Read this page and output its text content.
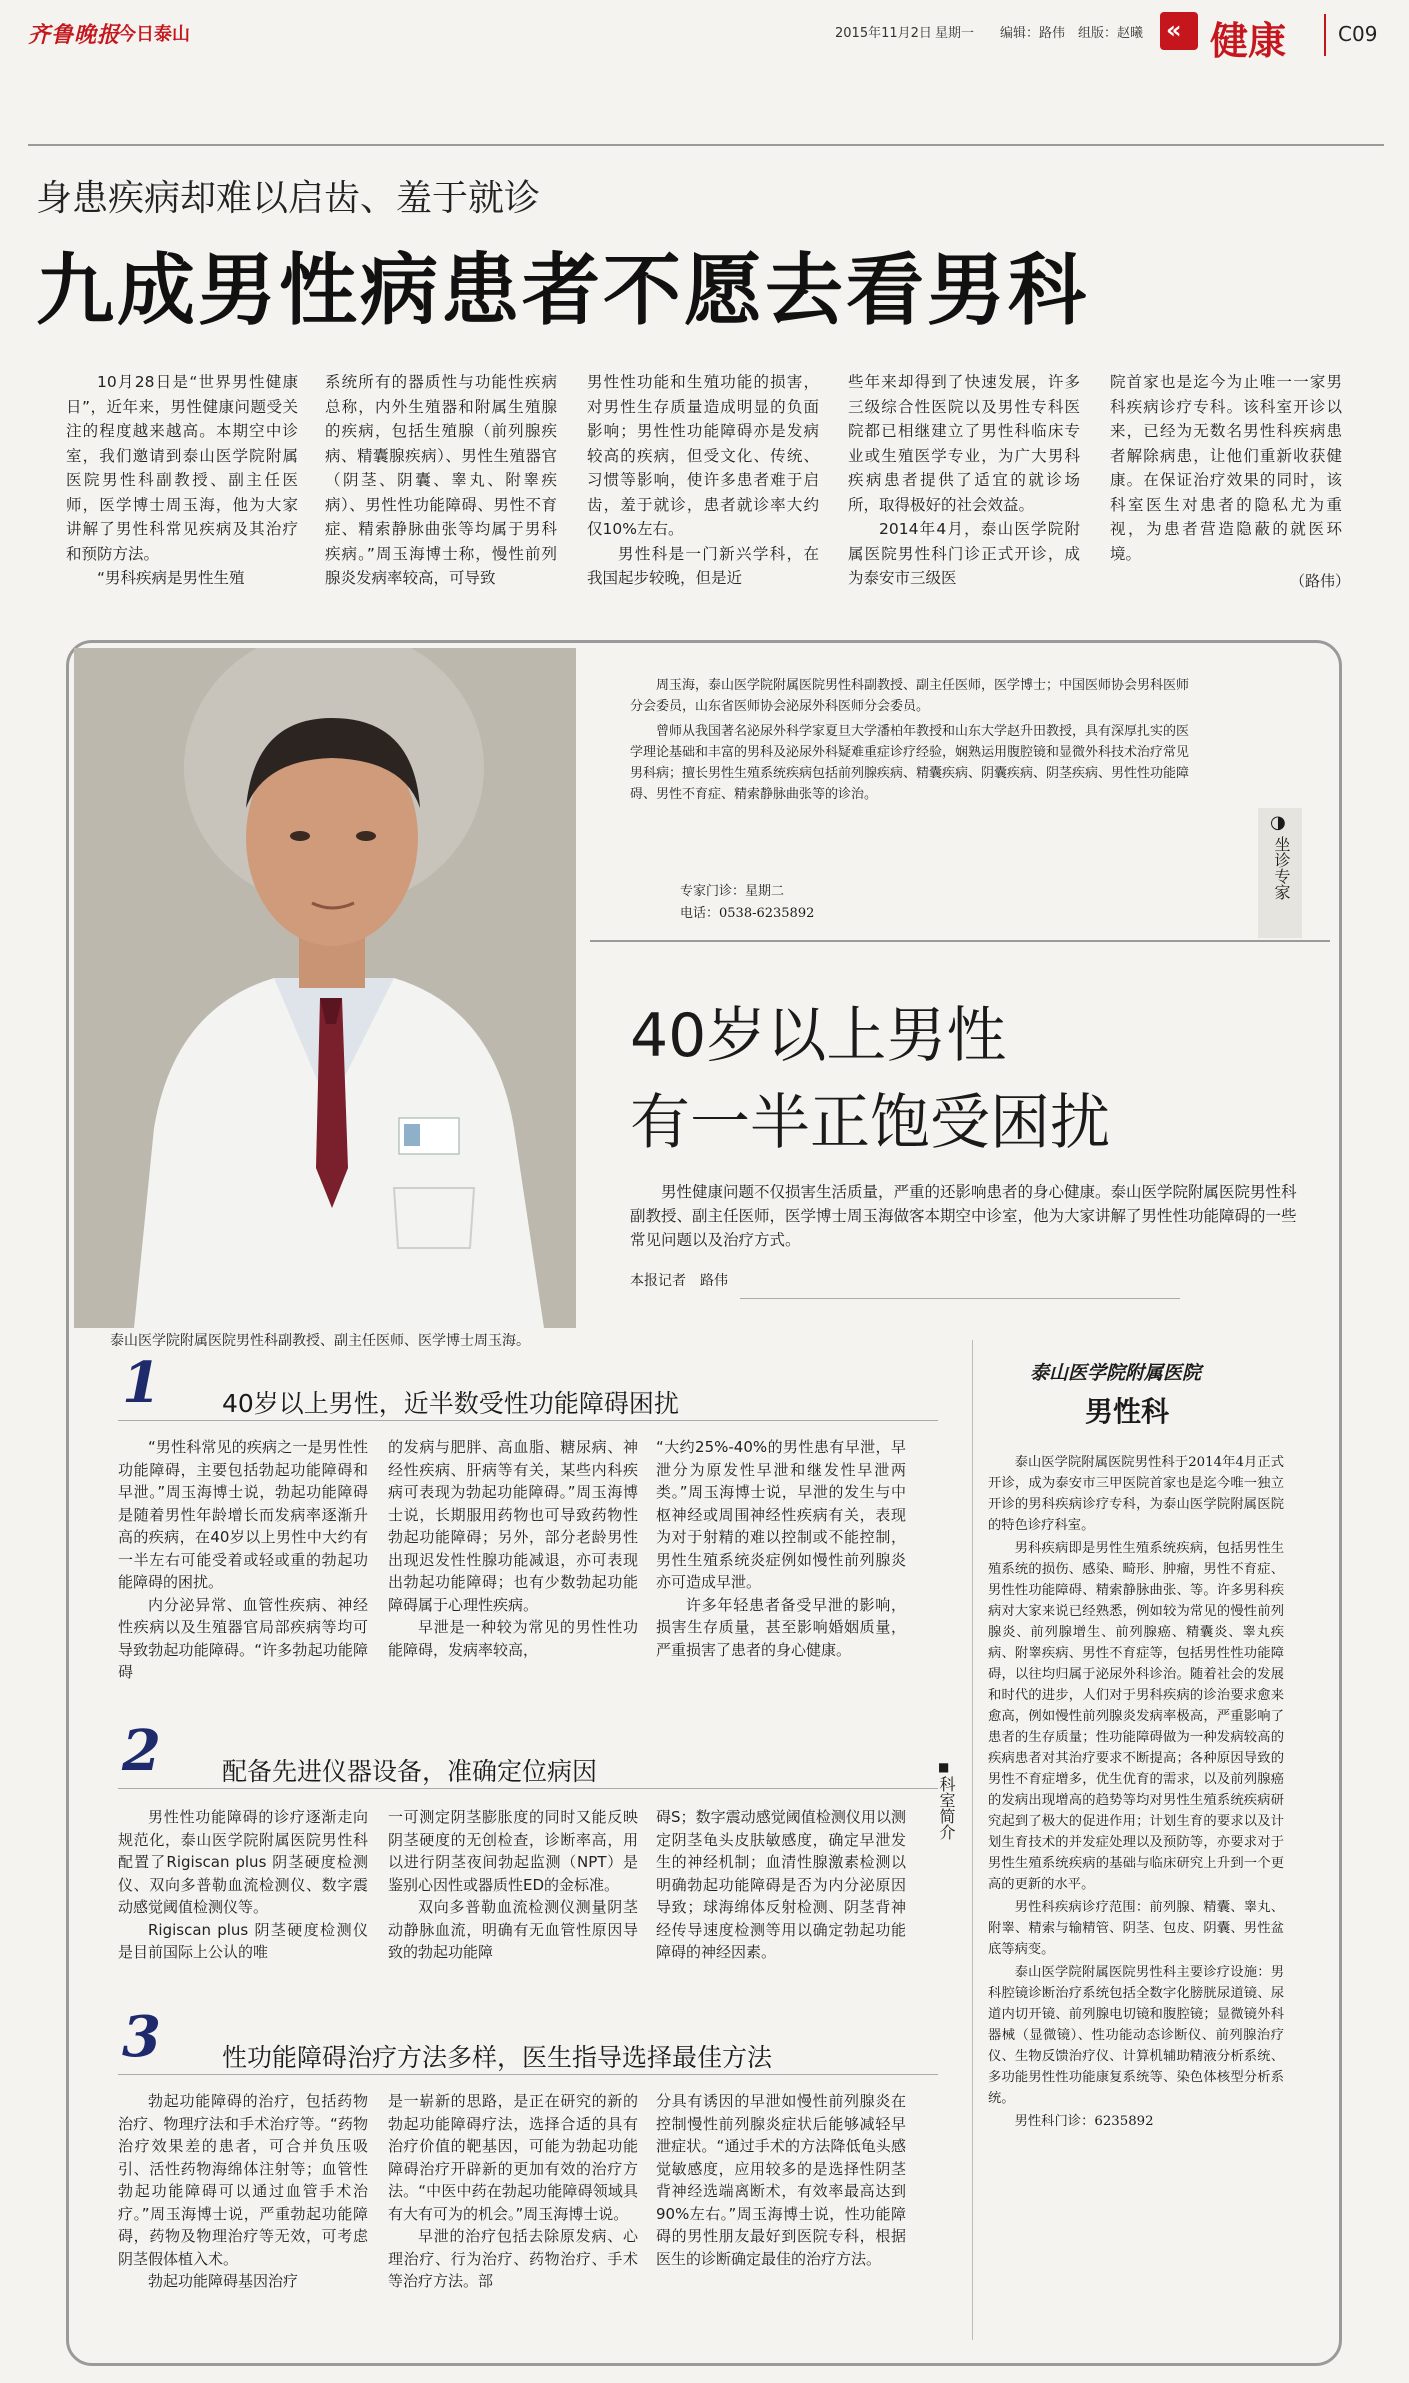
齐鲁晚报
今日泰山	2015年11月2日 星期一 编辑：路伟 组版：赵曦 « 健康	C09
身患疾病却难以启齿、羞于就诊
九成男性病患者不愿去看男科

10月28日是“世界男性健康日”，近年来，男性健康问题受关注的程度越来越高。本期空中诊室，我们邀请到泰山医学院附属医院男性科副教授、副主任医师，医学博士周玉海，他为大家讲解了男性科常见疾病及其治疗和预防方法。

“男科疾病是男性生殖

系统所有的器质性与功能性疾病总称，内外生殖器和附属生殖腺的疾病，包括生殖腺（前列腺疾病、精囊腺疾病）、男性生殖器官（阴茎、阴囊、睾丸、附睾疾病）、男性性功能障碍、男性不育症、精索静脉曲张等均属于男科疾病。”周玉海博士称，慢性前列腺炎发病率较高，可导致

男性性功能和生殖功能的损害，对男性生存质量造成明显的负面影响；男性性功能障碍亦是发病较高的疾病，但受文化、传统、习惯等影响，使许多患者难于启齿，羞于就诊，患者就诊率大约仅10%左右。

男性科是一门新兴学科，在我国起步较晚，但是近

些年来却得到了快速发展，许多三级综合性医院以及男性专科医院都已相继建立了男性科临床专业或生殖医学专业，为广大男科疾病患者提供了适宜的就诊场所，取得极好的社会效益。

2014年4月，泰山医学院附属医院男性科门诊正式开诊，成为泰安市三级医

院首家也是迄今为止唯一一家男科疾病诊疗专科。该科室开诊以来，已经为无数名男性科疾病患者解除病患，让他们重新收获健康。在保证治疗效果的同时，该科室医生对患者的隐私尤为重视，为患者营造隐蔽的就医环境。

（路伟）
泰山医学院附属医院男性科副教授、副主任医师、医学博士周玉海。

周玉海，泰山医学院附属医院男性科副教授、副主任医师，医学博士；中国医师协会男科医师分会委员，山东省医师协会泌尿外科医师分会委员。

曾师从我国著名泌尿外科学家夏旦大学潘柏年教授和山东大学赵升田教授，具有深厚扎实的医学理论基础和丰富的男科及泌尿外科疑难重症诊疗经验，娴熟运用腹腔镜和显微外科技术治疗常见男科病；擅长男性生殖系统疾病包括前列腺疾病、精囊疾病、阴囊疾病、阴茎疾病、男性性功能障碍、男性不育症、精索静脉曲张等的诊治。

专家门诊：星期二
电话：0538-6235892
◑
坐诊专家
40岁以上男性
有一半正饱受困扰
男性健康问题不仅损害生活质量，严重的还影响患者的身心健康。泰山医学院附属医院男性科副教授、副主任医师，医学博士周玉海做客本期空中诊室，他为大家讲解了男性性功能障碍的一些常见问题以及治疗方式。
本报记者　路伟
1 40岁以上男性，近半数受性功能障碍困扰

“男性科常见的疾病之一是男性性功能障碍，主要包括勃起功能障碍和早泄。”周玉海博士说，勃起功能障碍是随着男性年龄增长而发病率逐渐升高的疾病，在40岁以上男性中大约有一半左右可能受着或轻或重的勃起功能障碍的困扰。

内分泌异常、血管性疾病、神经性疾病以及生殖器官局部疾病等均可导致勃起功能障碍。“许多勃起功能障碍

的发病与肥胖、高血脂、糖尿病、神经性疾病、肝病等有关，某些内科疾病可表现为勃起功能障碍。”周玉海博士说，长期服用药物也可导致药物性勃起功能障碍；另外，部分老龄男性出现迟发性性腺功能减退，亦可表现出勃起功能障碍；也有少数勃起功能障碍属于心理性疾病。

早泄是一种较为常见的男性性功能障碍，发病率较高，

“大约25%-40%的男性患有早泄，早泄分为原发性早泄和继发性早泄两类。”周玉海博士说，早泄的发生与中枢神经或周围神经性疾病有关，表现为对于射精的难以控制或不能控制，男性生殖系统炎症例如慢性前列腺炎亦可造成早泄。

许多年轻患者备受早泄的影响，损害生存质量，甚至影响婚姻质量，严重损害了患者的身心健康。

2 配备先进仪器设备，准确定位病因

男性性功能障碍的诊疗逐渐走向规范化，泰山医学院附属医院男性科配置了Rigiscan plus 阴茎硬度检测仪、双向多普勒血流检测仪、数字震动感觉阈值检测仪等。

Rigiscan plus 阴茎硬度检测仪是目前国际上公认的唯

一可测定阴茎膨胀度的同时又能反映阴茎硬度的无创检查，诊断率高，用以进行阴茎夜间勃起监测（NPT）是鉴别心因性或器质性ED的金标准。

双向多普勒血流检测仪测量阴茎动静脉血流，明确有无血管性原因导致的勃起功能障

碍S；数字震动感觉阈值检测仪用以测定阴茎龟头皮肤敏感度，确定早泄发生的神经机制；血清性腺激素检测以明确勃起功能障碍是否为内分泌原因导致；球海绵体反射检测、阴茎背神经传导速度检测等用以确定勃起功能障碍的神经因素。

3 性功能障碍治疗方法多样，医生指导选择最佳方法

勃起功能障碍的治疗，包括药物治疗、物理疗法和手术治疗等。“药物治疗效果差的患者，可合并负压吸引、活性药物海绵体注射等；血管性勃起功能障碍可以通过血管手术治疗。”周玉海博士说，严重勃起功能障碍，药物及物理治疗等无效，可考虑阴茎假体植入术。

勃起功能障碍基因治疗

是一崭新的思路，是正在研究的新的勃起功能障碍疗法，选择合适的具有治疗价值的靶基因，可能为勃起功能障碍治疗开辟新的更加有效的治疗方法。“中医中药在勃起功能障碍领域具有大有可为的机会。”周玉海博士说。

早泄的治疗包括去除原发病、心理治疗、行为治疗、药物治疗、手术等治疗方法。部

分具有诱因的早泄如慢性前列腺炎在控制慢性前列腺炎症状后能够减轻早泄症状。“通过手术的方法降低龟头感觉敏感度，应用较多的是选择性阴茎背神经选端离断术，有效率最高达到90%左右。”周玉海博士说，性功能障碍的男性朋友最好到医院专科，根据医生的诊断确定最佳的治疗方法。

■
科室简介
泰山医学院附属医院
男性科

泰山医学院附属医院男性科于2014年4月正式开诊，成为泰安市三甲医院首家也是迄今唯一独立开诊的男科疾病诊疗专科，为泰山医学院附属医院的特色诊疗科室。

男科疾病即是男性生殖系统疾病，包括男性生殖系统的损伤、感染、畸形、肿瘤，男性不育症、男性性功能障碍、精索静脉曲张、等。许多男科疾病对大家来说已经熟悉，例如较为常见的慢性前列腺炎、前列腺增生、前列腺癌、精囊炎、睾丸疾病、附睾疾病、男性不育症等，包括男性性功能障碍，以往均归属于泌尿外科诊治。随着社会的发展和时代的进步，人们对于男科疾病的诊治要求愈来愈高，例如慢性前列腺炎发病率极高，严重影响了患者的生存质量；性功能障碍做为一种发病较高的疾病患者对其治疗要求不断提高；各种原因导致的男性不育症增多，优生优育的需求，以及前列腺癌的发病出现增高的趋势等均对男性生殖系统疾病研究起到了极大的促进作用；计划生育的要求以及计划生育技术的并发症处理以及预防等，亦要求对于男性生殖系统疾病的基础与临床研究上升到一个更高的更新的水平。

男性科疾病诊疗范围：前列腺、精囊、睾丸、附睾、精索与输精管、阴茎、包皮、阴囊、男性盆底等病变。

泰山医学院附属医院男性科主要诊疗设施：男科腔镜诊断治疗系统包括全数字化膀胱尿道镜、尿道内切开镜、前列腺电切镜和腹腔镜；显微镜外科器械（显微镜）、性功能动态诊断仪、前列腺治疗仪、生物反馈治疗仪、计算机辅助精液分析系统、多功能男性性功能康复系统等、染色体核型分析系统。

男性科门诊：6235892
